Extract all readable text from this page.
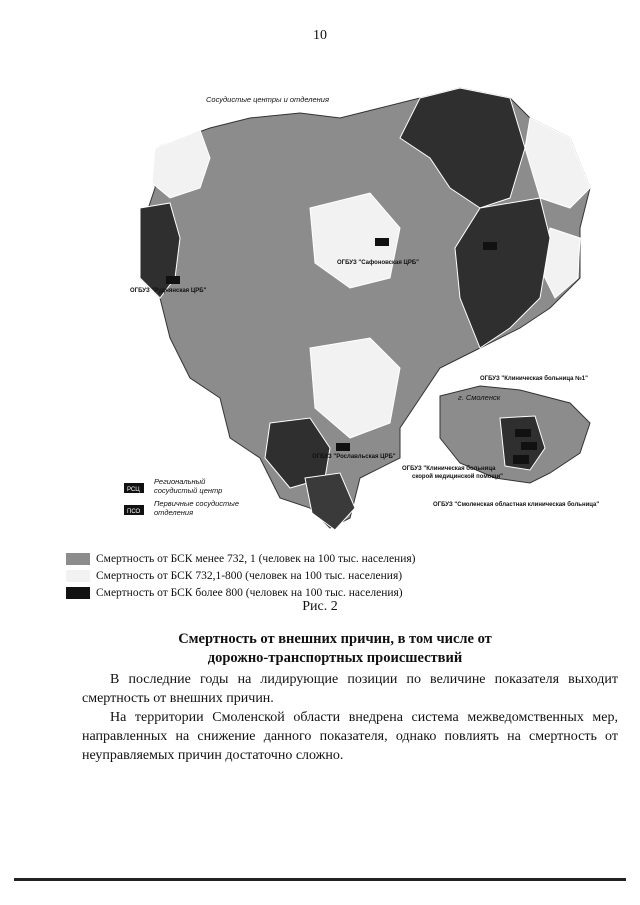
10
Сосудистые центры и отделения
ОГБУЗ "Сафоновская ЦРБ"
ОГБУЗ "Руднянская ЦРБ"
ОГБУЗ "Рославльская ЦРБ"
г. Смоленск
ОГБУЗ "Клиническая больница №1"
ОГБУЗ "Клиническая больница
скорой медицинской помощи"
ОГБУЗ "Смоленская областная клиническая больница"
РСЦ
Региональный
сосудистый центр
ПСО
Первичные сосудистые
отделения
Смертность от БСК менее 732, 1 (человек на 100 тыс. населения)
Смертность от БСК 732,1-800 (человек на 100 тыс. населения)
Смертность от БСК более 800 (человек на 100 тыс. населения)
Рис. 2
Смертность от внешних причин, в том числе от
дорожно-транспортных происшествий

В последние годы на лидирующие позиции по величине показателя выходит смертность от внешних причин.

На территории Смоленской области внедрена система межведомственных мер, направленных на снижение данного показателя, однако повлиять на смертность от неуправляемых причин достаточно сложно.
